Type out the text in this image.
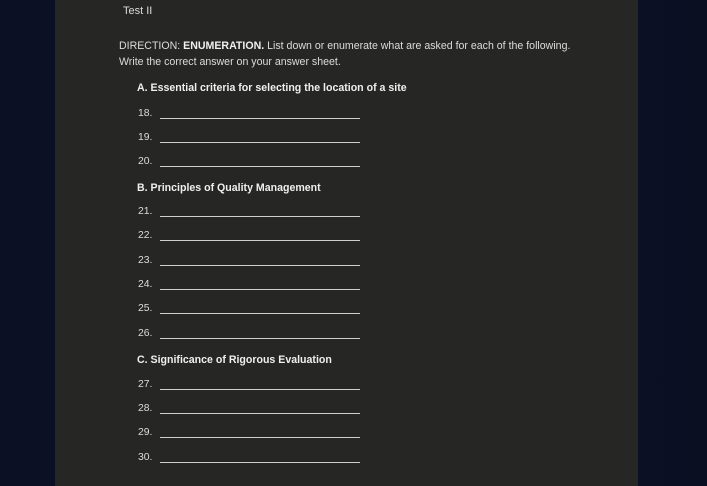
Test II
DIRECTION: ENUMERATION. List down or enumerate what are asked for each of the following. Write the correct answer on your answer sheet.
A. Essential criteria for selecting the location of a site
18.
19.
20.
B. Principles of Quality Management
21.
22.
23.
24.
25.
26.
C. Significance of Rigorous Evaluation
27.
28.
29.
30.
